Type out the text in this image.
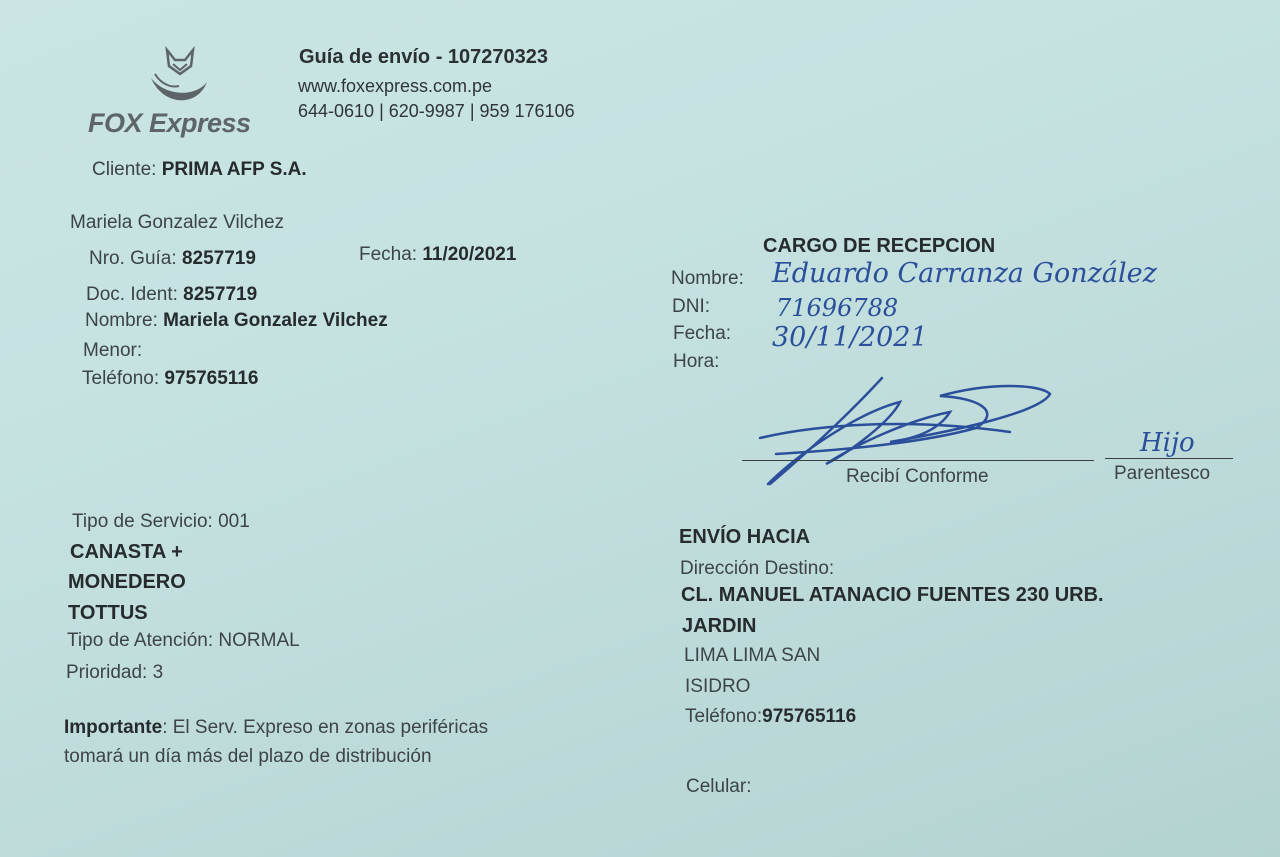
FOX Express
Guía de envío - 107270323
www.foxexpress.com.pe
644-0610 | 620-9987 | 959 176106
Cliente: PRIMA AFP S.A.
Mariela Gonzalez Vilchez
Nro. Guía: 8257719	Fecha: 11/20/2021
Doc. Ident: 8257719
Nombre: Mariela Gonzalez Vilchez
Menor:
Teléfono: 975765116
CARGO DE RECEPCION
Nombre: Eduardo Carranza González
DNI:	71696788
Fecha: 30/11/2021
Hora:
Recibí Conforme
Hijo
Parentesco
Tipo de Servicio: 001
CANASTA +
MONEDERO
TOTTUS
Tipo de Atención: NORMAL
Prioridad: 3
Importante: El Serv. Expreso en zonas periféricas
tomará un día más del plazo de distribución
ENVÍO HACIA
Dirección Destino:
CL. MANUEL ATANACIO FUENTES 230 URB.
JARDIN
LIMA LIMA SAN
ISIDRO
Teléfono:975765116
Celular:
